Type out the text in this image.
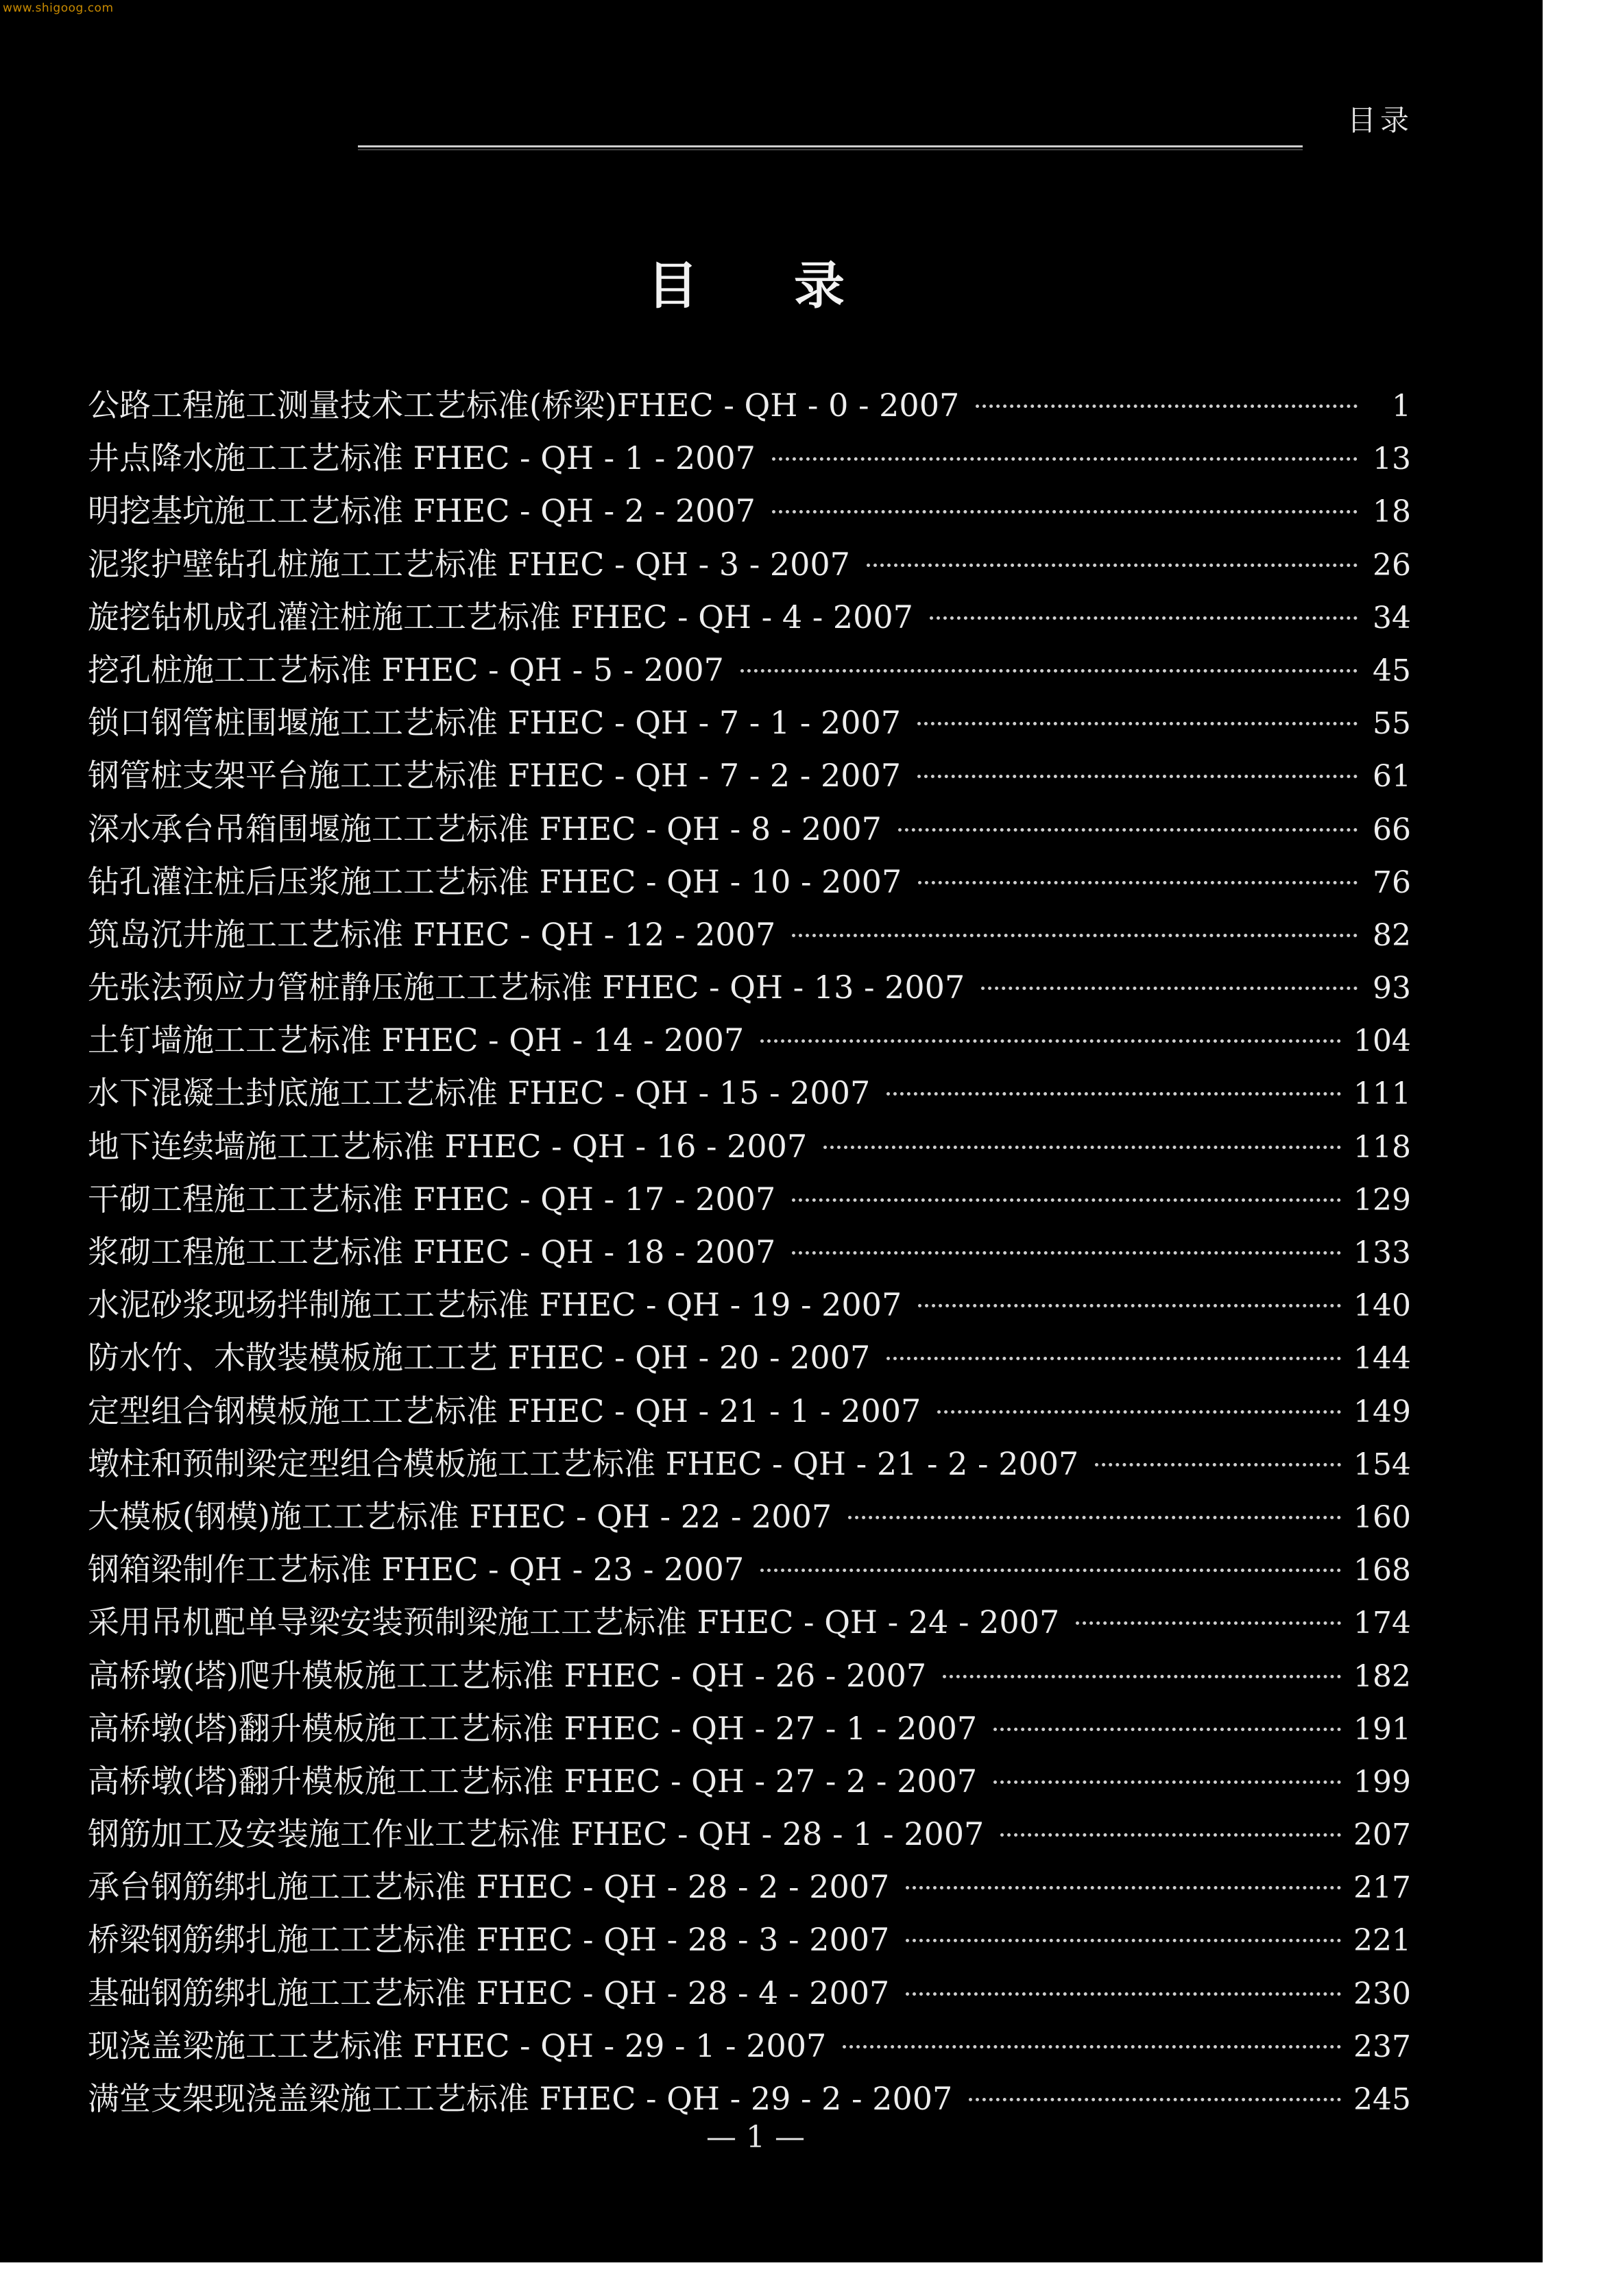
www.shigoog.com
目录
目录
公路工程施工测量技术工艺标准(桥梁)FHEC - QH - 0 - 2007	1
井点降水施工工艺标准 FHEC - QH - 1 - 2007	13
明挖基坑施工工艺标准 FHEC - QH - 2 - 2007	18
泥浆护壁钻孔桩施工工艺标准 FHEC - QH - 3 - 2007	26
旋挖钻机成孔灌注桩施工工艺标准 FHEC - QH - 4 - 2007	34
挖孔桩施工工艺标准 FHEC - QH - 5 - 2007	45
锁口钢管桩围堰施工工艺标准 FHEC - QH - 7 - 1 - 2007	55
钢管桩支架平台施工工艺标准 FHEC - QH - 7 - 2 - 2007	61
深水承台吊箱围堰施工工艺标准 FHEC - QH - 8 - 2007	66
钻孔灌注桩后压浆施工工艺标准 FHEC - QH - 10 - 2007	76
筑岛沉井施工工艺标准 FHEC - QH - 12 - 2007	82
先张法预应力管桩静压施工工艺标准 FHEC - QH - 13 - 2007	93
土钉墙施工工艺标准 FHEC - QH - 14 - 2007	104
水下混凝土封底施工工艺标准 FHEC - QH - 15 - 2007	111
地下连续墙施工工艺标准 FHEC - QH - 16 - 2007	118
干砌工程施工工艺标准 FHEC - QH - 17 - 2007	129
浆砌工程施工工艺标准 FHEC - QH - 18 - 2007	133
水泥砂浆现场拌制施工工艺标准 FHEC - QH - 19 - 2007	140
防水竹、木散装模板施工工艺 FHEC - QH - 20 - 2007	144
定型组合钢模板施工工艺标准 FHEC - QH - 21 - 1 - 2007	149
墩柱和预制梁定型组合模板施工工艺标准 FHEC - QH - 21 - 2 - 2007	154
大模板(钢模)施工工艺标准 FHEC - QH - 22 - 2007	160
钢箱梁制作工艺标准 FHEC - QH - 23 - 2007	168
采用吊机配单导梁安装预制梁施工工艺标准 FHEC - QH - 24 - 2007	174
高桥墩(塔)爬升模板施工工艺标准 FHEC - QH - 26 - 2007	182
高桥墩(塔)翻升模板施工工艺标准 FHEC - QH - 27 - 1 - 2007	191
高桥墩(塔)翻升模板施工工艺标准 FHEC - QH - 27 - 2 - 2007	199
钢筋加工及安装施工作业工艺标准 FHEC - QH - 28 - 1 - 2007	207
承台钢筋绑扎施工工艺标准 FHEC - QH - 28 - 2 - 2007	217
桥梁钢筋绑扎施工工艺标准 FHEC - QH - 28 - 3 - 2007	221
基础钢筋绑扎施工工艺标准 FHEC - QH - 28 - 4 - 2007	230
现浇盖梁施工工艺标准 FHEC - QH - 29 - 1 - 2007	237
满堂支架现浇盖梁施工工艺标准 FHEC - QH - 29 - 2 - 2007	245
— 1 —
